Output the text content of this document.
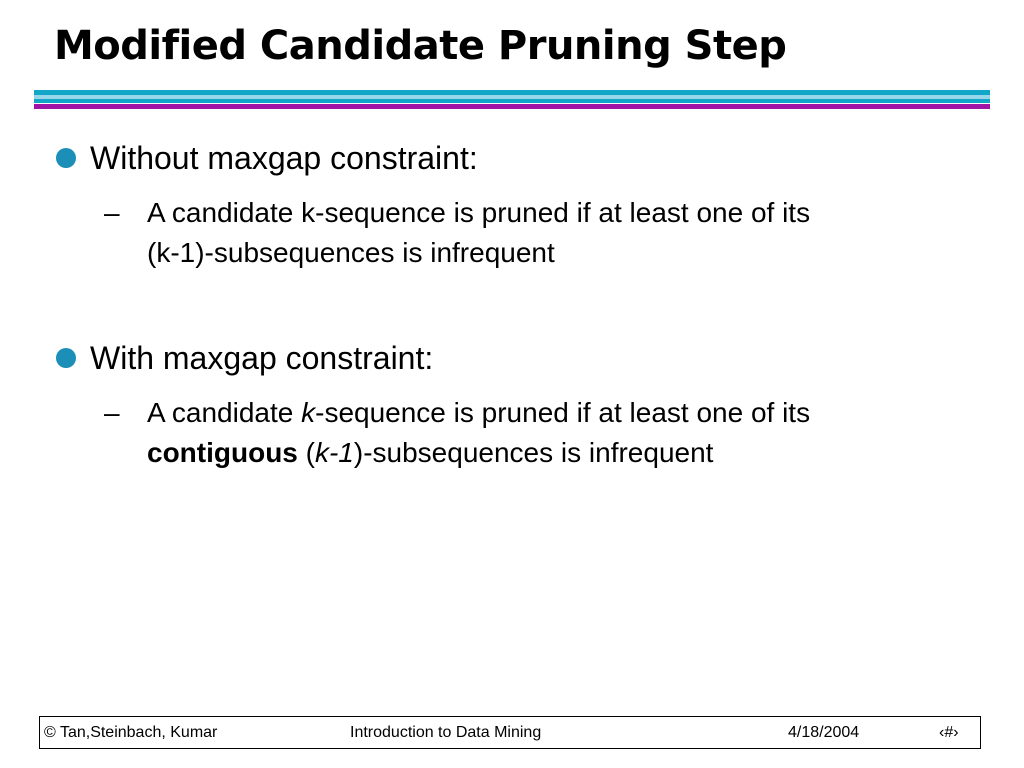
Modified Candidate Pruning Step
Without maxgap constraint:
– A candidate k-sequence is pruned if at least one of its
(k-1)-subsequences is infrequent
With maxgap constraint:
– A candidate k-sequence is pruned if at least one of its
contiguous (k-1)-subsequences is infrequent
© Tan,Steinbach, Kumar	Introduction to Data Mining	4/18/2004	‹#›
